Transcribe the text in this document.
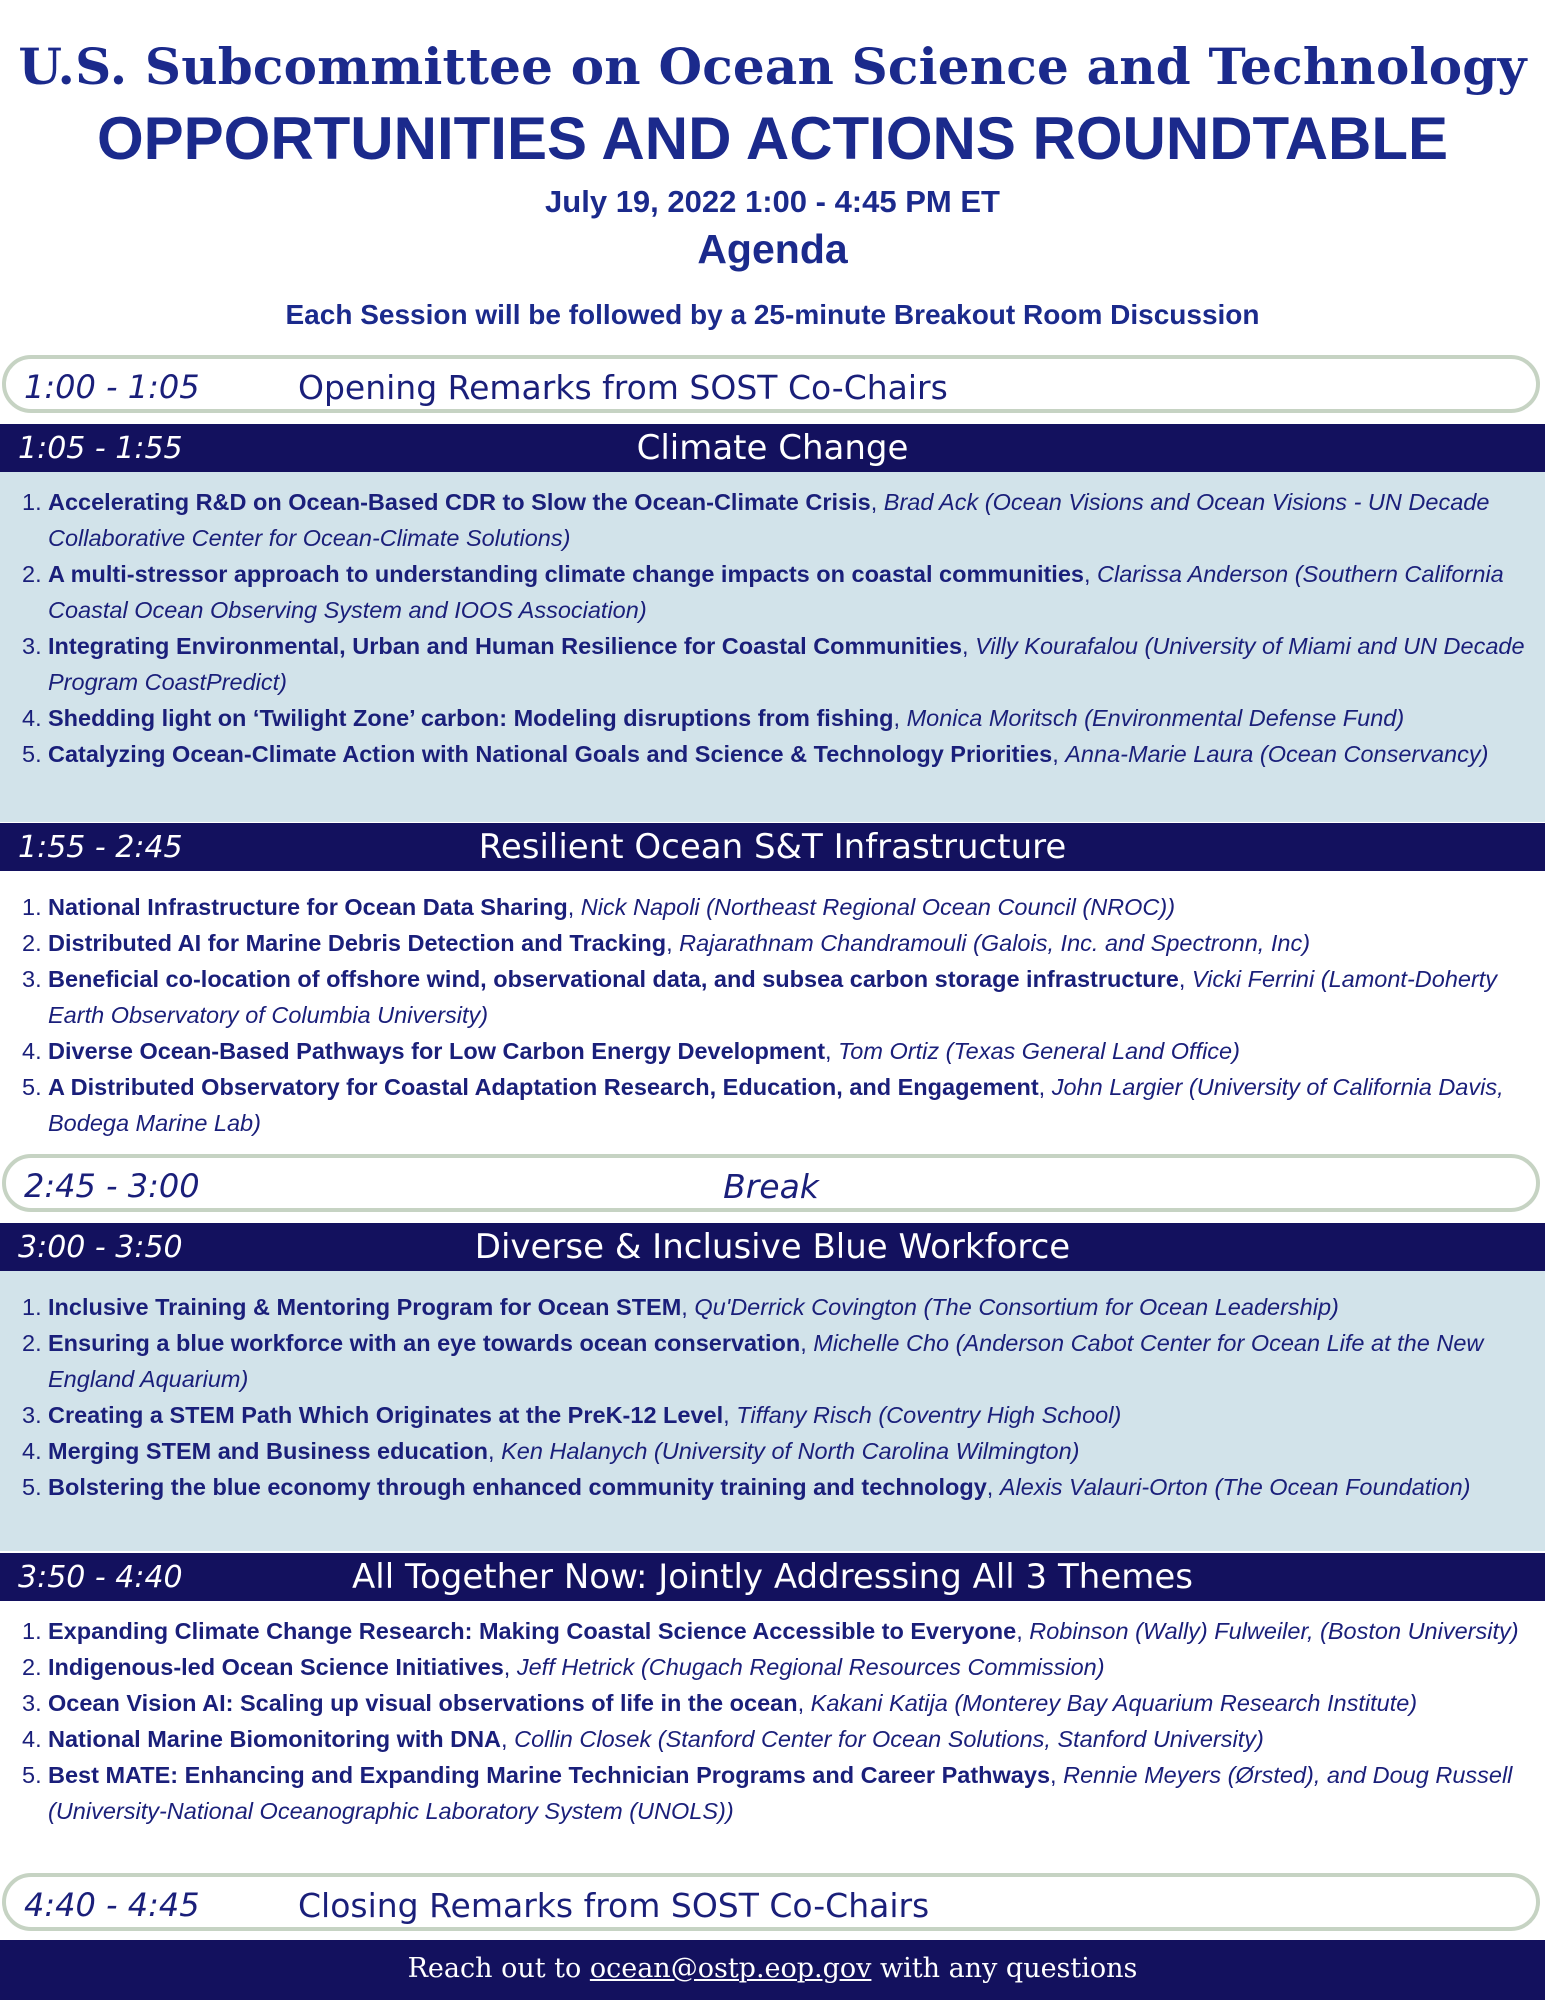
U.S. Subcommittee on Ocean Science and Technology
OPPORTUNITIES AND ACTIONS ROUNDTABLE
July 19, 2022 1:00 - 4:45 PM ET
Agenda
Each Session will be followed by a 25-minute Breakout Room Discussion
1:00 - 1:05	Opening Remarks from SOST Co-Chairs
1:05 - 1:55	Climate Change
1. Accelerating R&D on Ocean-Based CDR to Slow the Ocean-Climate Crisis, Brad Ack (Ocean Visions and Ocean Visions - UN Decade Collaborative Center for Ocean-Climate Solutions)
2. A multi-stressor approach to understanding climate change impacts on coastal communities, Clarissa Anderson (Southern California Coastal Ocean Observing System and IOOS Association)
3. Integrating Environmental, Urban and Human Resilience for Coastal Communities, Villy Kourafalou (University of Miami and UN Decade Program CoastPredict)
4. Shedding light on ‘Twilight Zone’ carbon: Modeling disruptions from fishing, Monica Moritsch (Environmental Defense Fund)
5. Catalyzing Ocean-Climate Action with National Goals and Science & Technology Priorities, Anna-Marie Laura (Ocean Conservancy)
1:55 - 2:45	Resilient Ocean S&T Infrastructure
1. National Infrastructure for Ocean Data Sharing, Nick Napoli (Northeast Regional Ocean Council (NROC))
2. Distributed AI for Marine Debris Detection and Tracking, Rajarathnam Chandramouli (Galois, Inc. and Spectronn, Inc)
3. Beneficial co-location of offshore wind, observational data, and subsea carbon storage infrastructure, Vicki Ferrini (Lamont-Doherty Earth Observatory of Columbia University)
4. Diverse Ocean-Based Pathways for Low Carbon Energy Development, Tom Ortiz (Texas General Land Office)
5. A Distributed Observatory for Coastal Adaptation Research, Education, and Engagement, John Largier (University of California Davis, Bodega Marine Lab)
2:45 - 3:00	Break
3:00 - 3:50	Diverse & Inclusive Blue Workforce
1. Inclusive Training & Mentoring Program for Ocean STEM, Qu'Derrick Covington (The Consortium for Ocean Leadership)
2. Ensuring a blue workforce with an eye towards ocean conservation, Michelle Cho (Anderson Cabot Center for Ocean Life at the New England Aquarium)
3. Creating a STEM Path Which Originates at the PreK-12 Level, Tiffany Risch (Coventry High School)
4. Merging STEM and Business education, Ken Halanych (University of North Carolina Wilmington)
5. Bolstering the blue economy through enhanced community training and technology, Alexis Valauri-Orton (The Ocean Foundation)
3:50 - 4:40	All Together Now: Jointly Addressing All 3 Themes
1. Expanding Climate Change Research: Making Coastal Science Accessible to Everyone, Robinson (Wally) Fulweiler, (Boston University)
2. Indigenous-led Ocean Science Initiatives, Jeff Hetrick (Chugach Regional Resources Commission)
3. Ocean Vision AI: Scaling up visual observations of life in the ocean, Kakani Katija (Monterey Bay Aquarium Research Institute)
4. National Marine Biomonitoring with DNA, Collin Closek (Stanford Center for Ocean Solutions, Stanford University)
5. Best MATE: Enhancing and Expanding Marine Technician Programs and Career Pathways, Rennie Meyers (Ørsted), and Doug Russell (University-National Oceanographic Laboratory System (UNOLS))
4:40 - 4:45	Closing Remarks from SOST Co-Chairs
Reach out to ocean@ostp.eop.gov with any questions
